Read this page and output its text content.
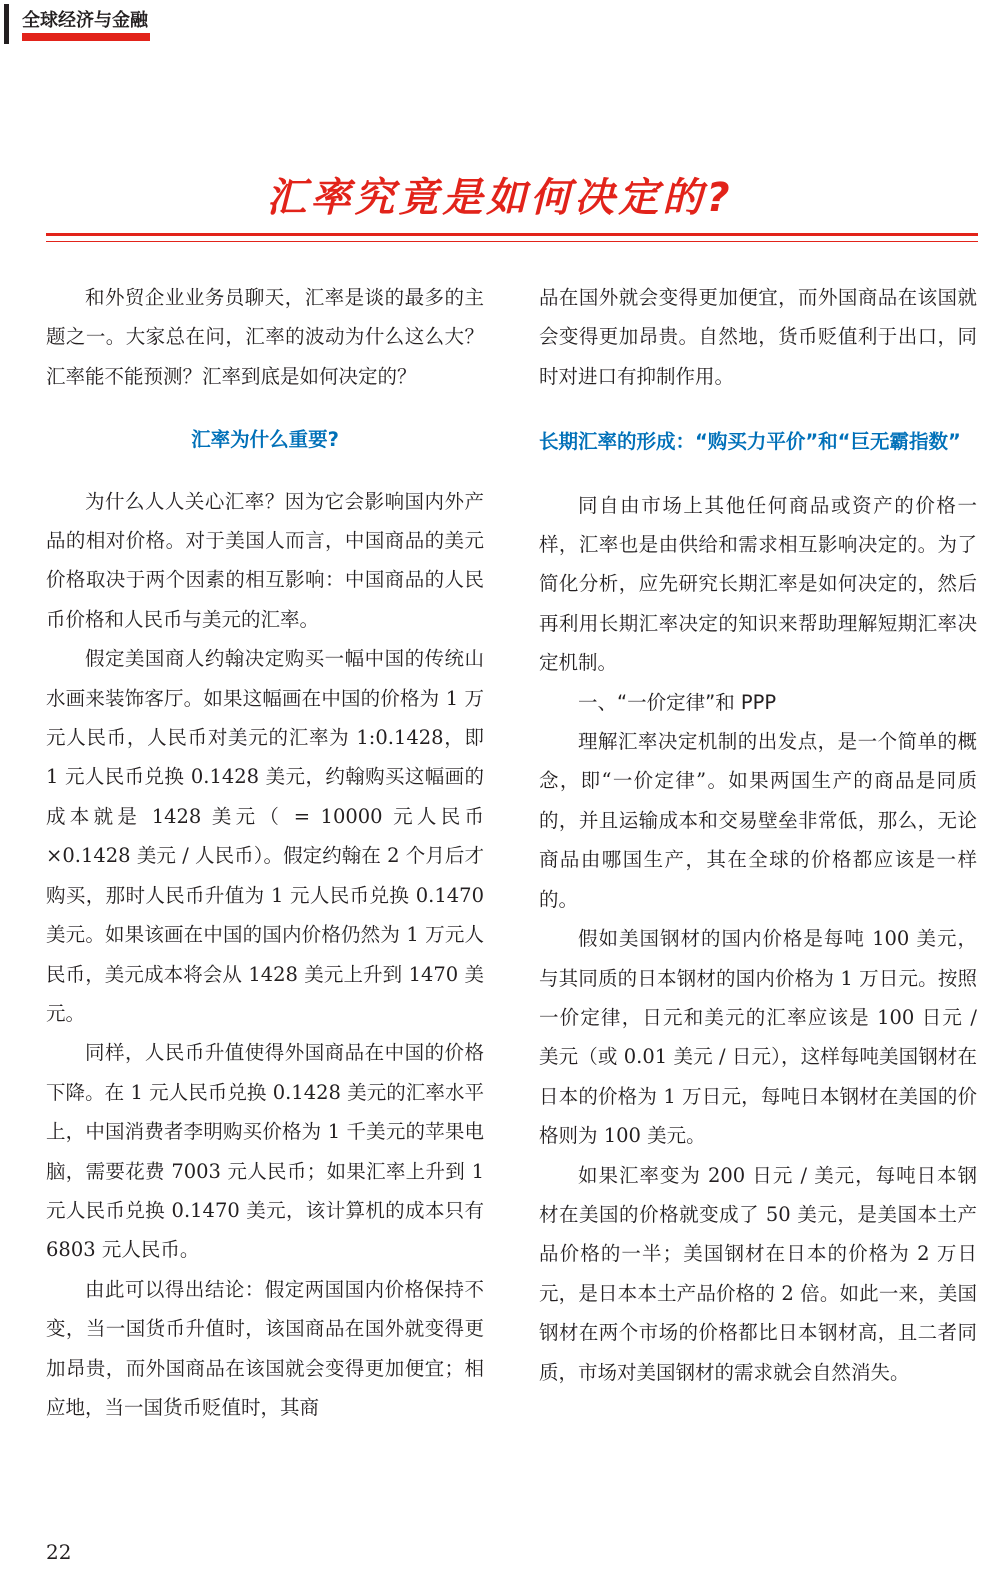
全球经济与金融
汇率究竟是如何决定的?

和外贸企业业务员聊天，汇率是谈的最多的主题之一。大家总在问，汇率的波动为什么这么大？汇率能不能预测？汇率到底是如何决定的？

汇率为什么重要?

为什么人人关心汇率？因为它会影响国内外产品的相对价格。对于美国人而言，中国商品的美元价格取决于两个因素的相互影响：中国商品的人民币价格和人民币与美元的汇率。

假定美国商人约翰决定购买一幅中国的传统山水画来装饰客厅。如果这幅画在中国的价格为 1 万元人民币，人民币对美元的汇率为 1:0.1428，即 1 元人民币兑换 0.1428 美元，约翰购买这幅画的成本就是 1428 美元（ = 10000 元人民币 ×0.1428 美元 / 人民币）。假定约翰在 2 个月后才购买，那时人民币升值为 1 元人民币兑换 0.1470 美元。如果该画在中国的国内价格仍然为 1 万元人民币，美元成本将会从 1428 美元上升到 1470 美元。

同样，人民币升值使得外国商品在中国的价格下降。在 1 元人民币兑换 0.1428 美元的汇率水平上，中国消费者李明购买价格为 1 千美元的苹果电脑，需要花费 7003 元人民币；如果汇率上升到 1 元人民币兑换 0.1470 美元，该计算机的成本只有 6803 元人民币。

由此可以得出结论：假定两国国内价格保持不变，当一国货币升值时，该国商品在国外就变得更加昂贵，而外国商品在该国就会变得更加便宜；相应地，当一国货币贬值时，其商

品在国外就会变得更加便宜，而外国商品在该国就会变得更加昂贵。自然地，货币贬值利于出口，同时对进口有抑制作用。

长期汇率的形成：“购买力平价”和“巨无霸指数”

同自由市场上其他任何商品或资产的价格一样，汇率也是由供给和需求相互影响决定的。为了简化分析，应先研究长期汇率是如何决定的，然后再利用长期汇率决定的知识来帮助理解短期汇率决定机制。

一、“一价定律”和 PPP

理解汇率决定机制的出发点，是一个简单的概念，即“一价定律”。如果两国生产的商品是同质的，并且运输成本和交易壁垒非常低，那么，无论商品由哪国生产，其在全球的价格都应该是一样的。

假如美国钢材的国内价格是每吨 100 美元，与其同质的日本钢材的国内价格为 1 万日元。按照一价定律，日元和美元的汇率应该是 100 日元 / 美元（或 0.01 美元 / 日元），这样每吨美国钢材在日本的价格为 1 万日元，每吨日本钢材在美国的价格则为 100 美元。

如果汇率变为 200 日元 / 美元，每吨日本钢材在美国的价格就变成了 50 美元，是美国本土产品价格的一半；美国钢材在日本的价格为 2 万日元，是日本本土产品价格的 2 倍。如此一来，美国钢材在两个市场的价格都比日本钢材高，且二者同质，市场对美国钢材的需求就会自然消失。

22
